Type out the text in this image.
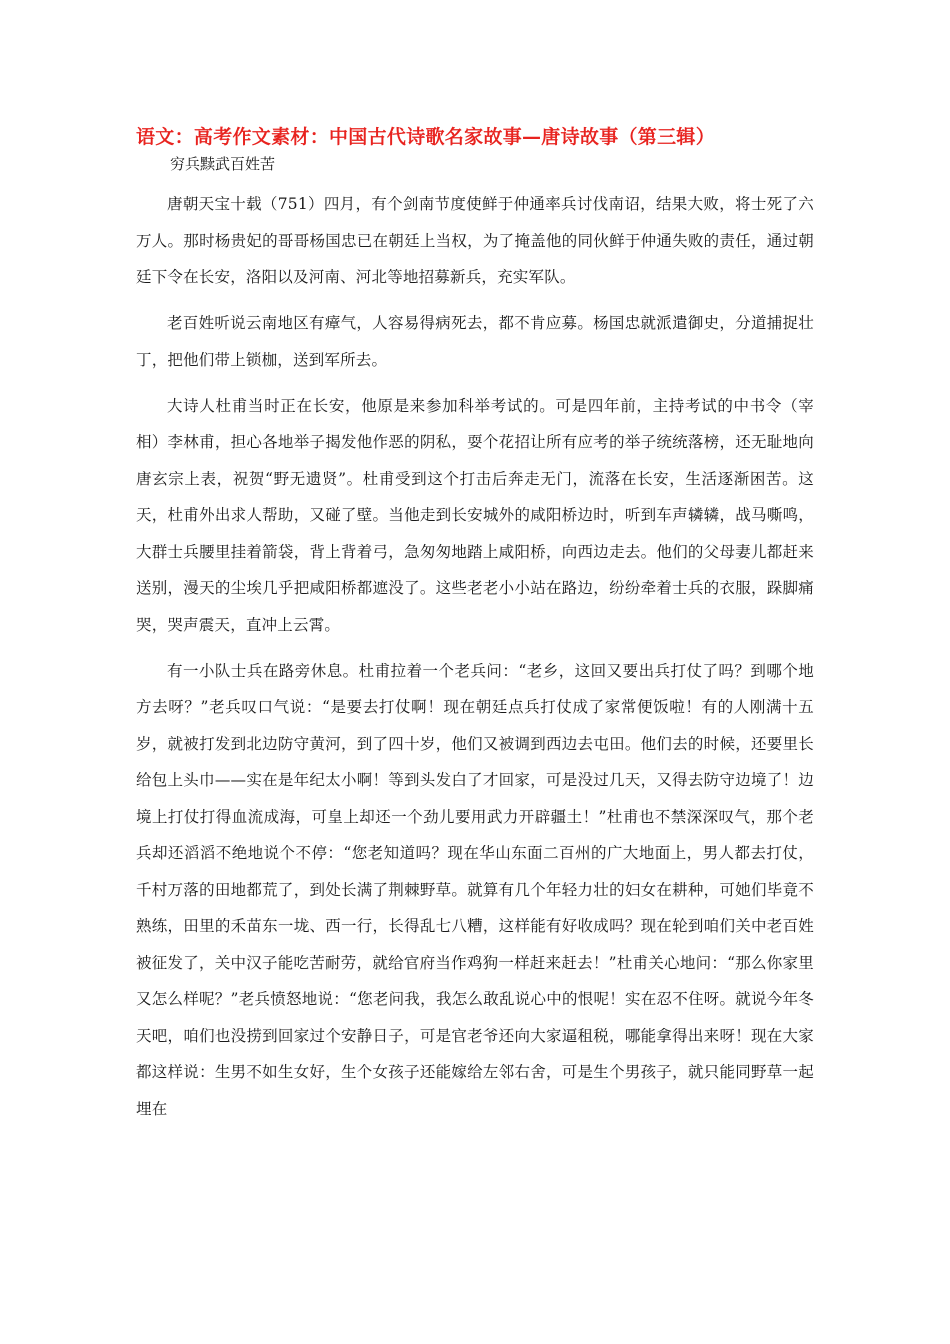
语文：高考作文素材：中国古代诗歌名家故事—唐诗故事（第三辑）
穷兵黩武百姓苦

唐朝天宝十载（751）四月，有个剑南节度使鲜于仲通率兵讨伐南诏，结果大败，将士死了六万人。那时杨贵妃的哥哥杨国忠已在朝廷上当权，为了掩盖他的同伙鲜于仲通失败的责任，通过朝廷下令在长安，洛阳以及河南、河北等地招募新兵，充实军队。

老百姓听说云南地区有瘴气，人容易得病死去，都不肯应募。杨国忠就派遣御史，分道捕捉壮丁，把他们带上锁枷，送到军所去。

大诗人杜甫当时正在长安，他原是来参加科举考试的。可是四年前，主持考试的中书令（宰相）李林甫，担心各地举子揭发他作恶的阴私，耍个花招让所有应考的举子统统落榜，还无耻地向唐玄宗上表，祝贺“野无遗贤”。杜甫受到这个打击后奔走无门，流落在长安，生活逐渐困苦。这天，杜甫外出求人帮助，又碰了壁。当他走到长安城外的咸阳桥边时，听到车声辚辚，战马嘶鸣，大群士兵腰里挂着箭袋，背上背着弓，急匆匆地踏上咸阳桥，向西边走去。他们的父母妻儿都赶来送别，漫天的尘埃几乎把咸阳桥都遮没了。这些老老小小站在路边，纷纷牵着士兵的衣服，跺脚痛哭，哭声震天，直冲上云霄。

有一小队士兵在路旁休息。杜甫拉着一个老兵问：“老乡，这回又要出兵打仗了吗？到哪个地方去呀？”老兵叹口气说：“是要去打仗啊！现在朝廷点兵打仗成了家常便饭啦！有的人刚满十五岁，就被打发到北边防守黄河，到了四十岁，他们又被调到西边去屯田。他们去的时候，还要里长给包上头巾——实在是年纪太小啊！等到头发白了才回家，可是没过几天，又得去防守边境了！边境上打仗打得血流成海，可皇上却还一个劲儿要用武力开辟疆土！”杜甫也不禁深深叹气，那个老兵却还滔滔不绝地说个不停：“您老知道吗？现在华山东面二百州的广大地面上，男人都去打仗，千村万落的田地都荒了，到处长满了荆棘野草。就算有几个年轻力壮的妇女在耕种，可她们毕竟不熟练，田里的禾苗东一垅、西一行，长得乱七八糟，这样能有好收成吗？现在轮到咱们关中老百姓被征发了，关中汉子能吃苦耐劳，就给官府当作鸡狗一样赶来赶去！”杜甫关心地问：“那么你家里又怎么样呢？”老兵愤怒地说：“您老问我，我怎么敢乱说心中的恨呢！实在忍不住呀。就说今年冬天吧，咱们也没捞到回家过个安静日子，可是官老爷还向大家逼租税，哪能拿得出来呀！现在大家都这样说：生男不如生女好，生个女孩子还能嫁给左邻右舍，可是生个男孩子，就只能同野草一起埋在
